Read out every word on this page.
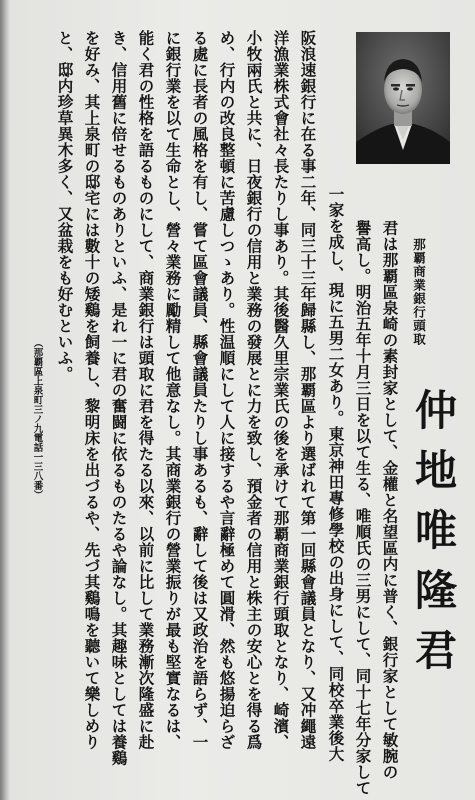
那覇商業銀行頭取
仲地唯隆君
君は那覇區泉崎の素封家として、金權と名望區内に普く、銀行家として敏腕の
譽高し。明治五年十月三日を以て生る、唯順氏の三男にして、同十七年分家して
一家を成し、現に五男二女あり。東京神田專修學校の出身にして、同校卒業後大
阪浪速銀行に在る事二年、同三十三年歸縣し、那覇區より選ばれて第一回縣會議員となり、又冲繩遠
洋漁業株式會社々長たりし事あり。其後醫久里宗業氏の後を承けて那覇商業銀行頭取となり、崎濱、
小牧兩氏と共に、日夜銀行の信用と業務の發展とに力を致し、預金者の信用と株主の安心とを得る爲
め、行内の改良整頓に苦慮しつゝあり。性温順にして人に接するや言辭極めて圓滑、然も悠揚迫らざ
る處に長者の風格を有し、嘗て區會議員、縣會議員たりし事あるも、辭して後は又政治を語らず、一
に銀行業を以て生命とし、營々業務に勵精して他意なし。其商業銀行の營業振りが最も堅實なるは、
能く君の性格を語るものにして、商業銀行は頭取に君を得たる以來、以前に比して業務漸次隆盛に赴
き、信用舊に倍せるものありといふ、是れ一に君の奮闘に依るものたるや論なし。其趣味としては養鷄
を好み、其上泉町の邸宅には數十の矮鷄を飼養し、黎明床を出づるや、先づ其鷄鳴を聽いて樂しめり
と、邸内珍草異木多く、又盆栽をも好むといふ。
（那覇區上泉町三ノ九電話一三八番）
